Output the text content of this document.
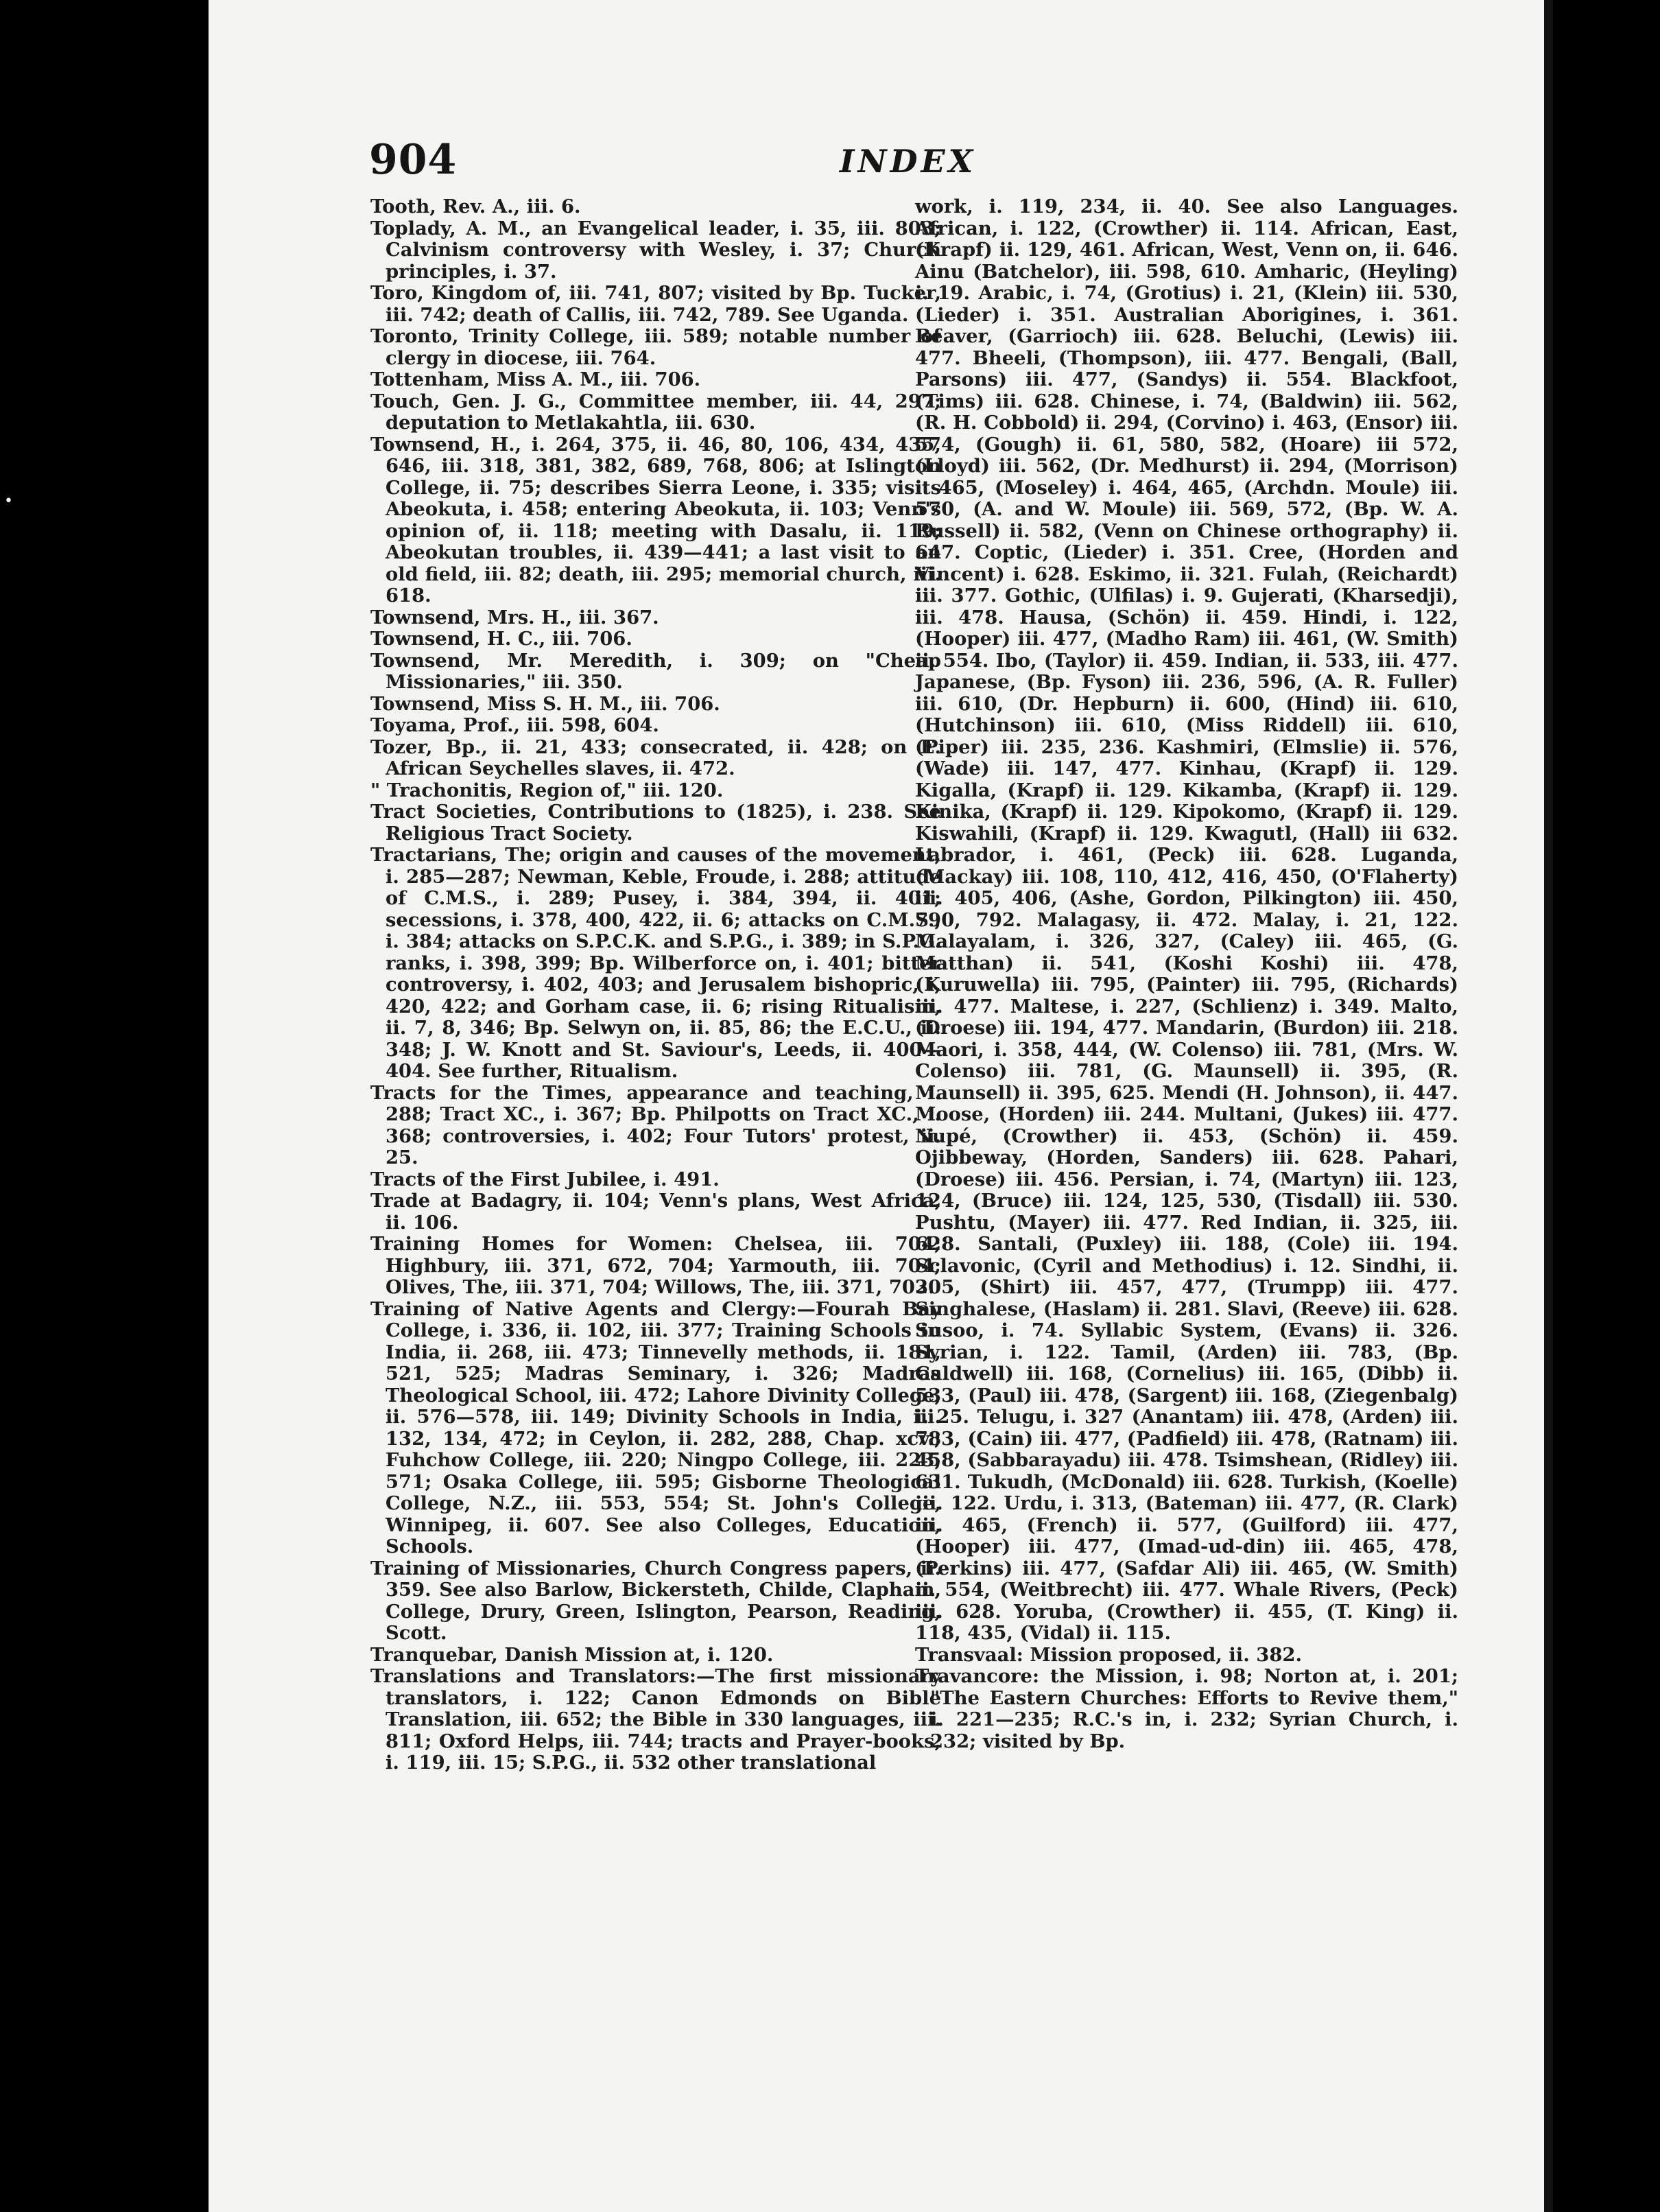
•
904	INDEX

Tooth, Rev. A., iii. 6.

Toplady, A. M., an Evangelical leader, i. 35, iii. 803; Calvinism controversy with Wesley, i. 37; Church principles, i. 37.

Toro, Kingdom of, iii. 741, 807; visited by Bp. Tucker, iii. 742; death of Callis, iii. 742, 789. See Uganda.

Toronto, Trinity College, iii. 589; notable number of clergy in diocese, iii. 764.

Tottenham, Miss A. M., iii. 706.

Touch, Gen. J. G., Committee member, iii. 44, 297; deputation to Metlakahtla, iii. 630.

Townsend, H., i. 264, 375, ii. 46, 80, 106, 434, 435, 646, iii. 318, 381, 382, 689, 768, 806; at Islington College, ii. 75; describes Sierra Leone, i. 335; visits Abeokuta, i. 458; entering Abeokuta, ii. 103; Venn's opinion of, ii. 118; meeting with Dasalu, ii. 119; Abeokutan troubles, ii. 439—441; a last visit to an old field, iii. 82; death, iii. 295; memorial church, iii. 618.

Townsend, Mrs. H., iii. 367.

Townsend, H. C., iii. 706.

Townsend, Mr. Meredith, i. 309; on "Cheap Missionaries," iii. 350.

Townsend, Miss S. H. M., iii. 706.

Toyama, Prof., iii. 598, 604.

Tozer, Bp., ii. 21, 433; consecrated, ii. 428; on E. African Seychelles slaves, ii. 472.

" Trachonitis, Region of," iii. 120.

Tract Societies, Contributions to (1825), i. 238. See Religious Tract Society.

Tractarians, The; origin and causes of the movement, i. 285—287; Newman, Keble, Froude, i. 288; attitude of C.M.S., i. 289; Pusey, i. 384, 394, ii. 401; secessions, i. 378, 400, 422, ii. 6; attacks on C.M.S., i. 384; attacks on S.P.C.K. and S.P.G., i. 389; in S.P.G. ranks, i. 398, 399; Bp. Wilberforce on, i. 401; bitter controversy, i. 402, 403; and Jerusalem bishopric, i, 420, 422; and Gorham case, ii. 6; rising Ritualism, ii. 7, 8, 346; Bp. Selwyn on, ii. 85, 86; the E.C.U., ii. 348; J. W. Knott and St. Saviour's, Leeds, ii. 400—404. See further, Ritualism.

Tracts for the Times, appearance and teaching, i. 288; Tract XC., i. 367; Bp. Philpotts on Tract XC., i. 368; controversies, i. 402; Four Tutors' protest, ii. 25.

Tracts of the First Jubilee, i. 491.

Trade at Badagry, ii. 104; Venn's plans, West Africa, ii. 106.

Training Homes for Women: Chelsea, iii. 704; Highbury, iii. 371, 672, 704; Yarmouth, iii. 704; Olives, The, iii. 371, 704; Willows, The, iii. 371, 703.

Training of Native Agents and Clergy:—Fourah Bay College, i. 336, ii. 102, iii. 377; Training Schools in India, ii. 268, iii. 473; Tinnevelly methods, ii. 181, 521, 525; Madras Seminary, i. 326; Madras Theological School, iii. 472; Lahore Divinity College, ii. 576—578, iii. 149; Divinity Schools in India, iii. 132, 134, 472; in Ceylon, ii. 282, 288, Chap. xcv.; Fuhchow College, iii. 220; Ningpo College, iii. 223, 571; Osaka College, iii. 595; Gisborne Theological College, N.Z., iii. 553, 554; St. John's College, Winnipeg, ii. 607. See also Colleges, Education, Schools.

Training of Missionaries, Church Congress papers, ii. 359. See also Barlow, Bickersteth, Childe, Clapham, College, Drury, Green, Islington, Pearson, Reading, Scott.

Tranquebar, Danish Mission at, i. 120.

Translations and Translators:—The first missionary translators, i. 122; Canon Edmonds on Bible Translation, iii. 652; the Bible in 330 languages, iii. 811; Oxford Helps, iii. 744; tracts and Prayer-books, i. 119, iii. 15; S.P.G., ii. 532 other translational

work, i. 119, 234, ii. 40. See also Languages. African, i. 122, (Crowther) ii. 114. African, East, (Krapf) ii. 129, 461. African, West, Venn on, ii. 646. Ainu (Batchelor), iii. 598, 610. Amharic, (Heyling) i. 19. Arabic, i. 74, (Grotius) i. 21, (Klein) iii. 530, (Lieder) i. 351. Australian Aborigines, i. 361. Beaver, (Garrioch) iii. 628. Beluchi, (Lewis) iii. 477. Bheeli, (Thompson), iii. 477. Bengali, (Ball, Parsons) iii. 477, (Sandys) ii. 554. Blackfoot, (Tims) iii. 628. Chinese, i. 74, (Baldwin) iii. 562, (R. H. Cobbold) ii. 294, (Corvino) i. 463, (Ensor) iii. 574, (Gough) ii. 61, 580, 582, (Hoare) iii 572, (Lloyd) iii. 562, (Dr. Medhurst) ii. 294, (Morrison) i. 465, (Moseley) i. 464, 465, (Archdn. Moule) iii. 570, (A. and W. Moule) iii. 569, 572, (Bp. W. A. Russell) ii. 582, (Venn on Chinese orthography) ii. 647. Coptic, (Lieder) i. 351. Cree, (Horden and Vincent) i. 628. Eskimo, ii. 321. Fulah, (Reichardt) iii. 377. Gothic, (Ulfilas) i. 9. Gujerati, (Kharsedji), iii. 478. Hausa, (Schön) ii. 459. Hindi, i. 122, (Hooper) iii. 477, (Madho Ram) iii. 461, (W. Smith) ii. 554. Ibo, (Taylor) ii. 459. Indian, ii. 533, iii. 477. Japanese, (Bp. Fyson) iii. 236, 596, (A. R. Fuller) iii. 610, (Dr. Hepburn) ii. 600, (Hind) iii. 610, (Hutchinson) iii. 610, (Miss Riddell) iii. 610, (Piper) iii. 235, 236. Kashmiri, (Elmslie) ii. 576, (Wade) iii. 147, 477. Kinhau, (Krapf) ii. 129. Kigalla, (Krapf) ii. 129. Kikamba, (Krapf) ii. 129. Kinika, (Krapf) ii. 129. Kipokomo, (Krapf) ii. 129. Kiswahili, (Krapf) ii. 129. Kwagutl, (Hall) iii 632. Labrador, i. 461, (Peck) iii. 628. Luganda, (Mackay) iii. 108, 110, 412, 416, 450, (O'Flaherty) iii. 405, 406, (Ashe, Gordon, Pilkington) iii. 450, 790, 792. Malagasy, ii. 472. Malay, i. 21, 122. Malayalam, i. 326, 327, (Caley) iii. 465, (G. Matthan) ii. 541, (Koshi Koshi) iii. 478, (Kuruwella) iii. 795, (Painter) iii. 795, (Richards) iii. 477. Maltese, i. 227, (Schlienz) i. 349. Malto, (Droese) iii. 194, 477. Mandarin, (Burdon) iii. 218. Maori, i. 358, 444, (W. Colenso) iii. 781, (Mrs. W. Colenso) iii. 781, (G. Maunsell) ii. 395, (R. Maunsell) ii. 395, 625. Mendi (H. Johnson), ii. 447. Moose, (Horden) iii. 244. Multani, (Jukes) iii. 477. Nupé, (Crowther) ii. 453, (Schön) ii. 459. Ojibbeway, (Horden, Sanders) iii. 628. Pahari, (Droese) iii. 456. Persian, i. 74, (Martyn) iii. 123, 124, (Bruce) iii. 124, 125, 530, (Tisdall) iii. 530. Pushtu, (Mayer) iii. 477. Red Indian, ii. 325, iii. 628. Santali, (Puxley) iii. 188, (Cole) iii. 194. Sclavonic, (Cyril and Methodius) i. 12. Sindhi, ii. 205, (Shirt) iii. 457, 477, (Trumpp) iii. 477. Singhalese, (Haslam) ii. 281. Slavi, (Reeve) iii. 628. Susoo, i. 74. Syllabic System, (Evans) ii. 326. Syrian, i. 122. Tamil, (Arden) iii. 783, (Bp. Caldwell) iii. 168, (Cornelius) iii. 165, (Dibb) ii. 533, (Paul) iii. 478, (Sargent) iii. 168, (Ziegenbalg) i. 25. Telugu, i. 327 (Anantam) iii. 478, (Arden) iii. 783, (Cain) iii. 477, (Padfield) iii. 478, (Ratnam) iii. 458, (Sabbarayadu) iii. 478. Tsimshean, (Ridley) iii. 631. Tukudh, (McDonald) iii. 628. Turkish, (Koelle) iii. 122. Urdu, i. 313, (Bateman) iii. 477, (R. Clark) iii. 465, (French) ii. 577, (Guilford) iii. 477, (Hooper) iii. 477, (Imad-ud-din) iii. 465, 478, (Perkins) iii. 477, (Safdar Ali) iii. 465, (W. Smith) ii. 554, (Weitbrecht) iii. 477. Whale Rivers, (Peck) iii. 628. Yoruba, (Crowther) ii. 455, (T. King) ii. 118, 435, (Vidal) ii. 115.

Transvaal: Mission proposed, ii. 382.

Travancore: the Mission, i. 98; Norton at, i. 201; "The Eastern Churches: Efforts to Revive them," i. 221—235; R.C.'s in, i. 232; Syrian Church, i. 232; visited by Bp.
